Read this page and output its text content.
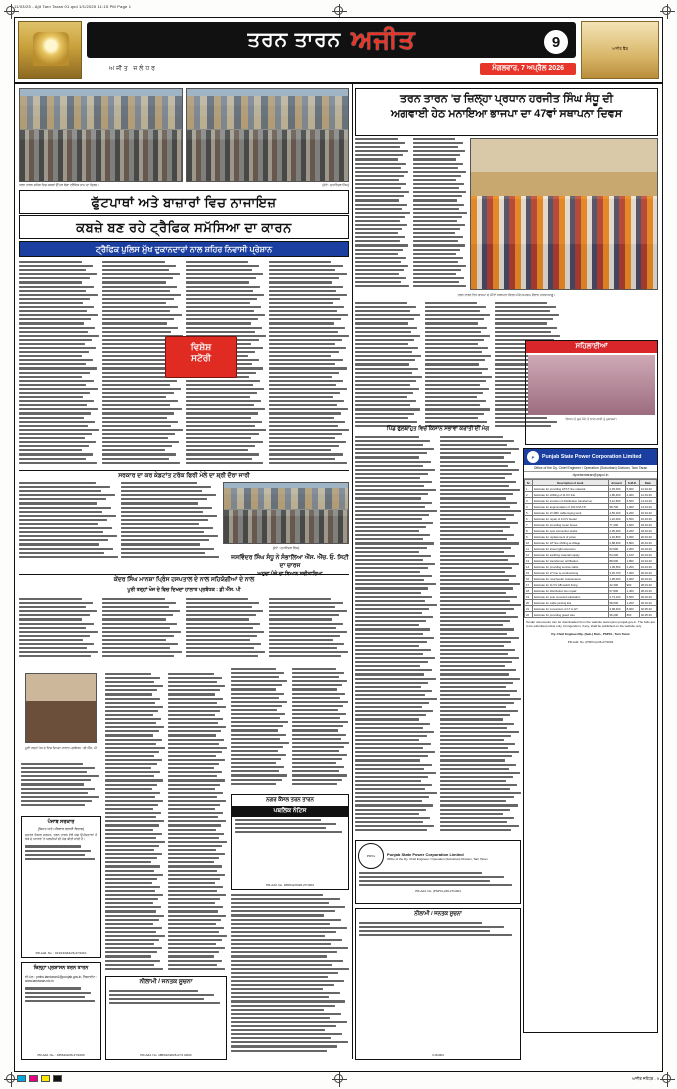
11/03/25 - Ajit Tarn Taran 01.qxd 1/1/2025 11:15 PM Page 1
ਅਜੀਤ ਵੈੱਬ
ਤਰਨ ਤਾਰਨ ਅਜੀਤ	9
ਅਜੀਤ ਜਲੰਧਰ	ਮੰਗਲਵਾਰ, 7 ਅਪ੍ਰੈਲ 2026
ਤਰਨ ਤਾਰਨ ਸ਼ਹਿਰ ਵਿਚ ਸੜਕਾਂ ਉੱਪਰ ਲੱਗਾ ਟ੍ਰੈਫਿਕ ਜਾਮ ਦਾ ਦ੍ਰਿਸ਼।	(ਫੋਟੋ : ਸੁਖਵਿੰਦਰ ਸਿੰਘ)
ਫੁੱਟਪਾਥਾਂ ਅਤੇ ਬਾਜ਼ਾਰਾਂ ਵਿਚ ਨਾਜਾਇਜ਼
ਕਬਜ਼ੇ ਬਣ ਰਹੇ ਟ੍ਰੈਫਿਕ ਸਮੱਸਿਆ ਦਾ ਕਾਰਨ
ਟ੍ਰੈਫਿਕ ਪੁਲਿਸ ਮੁੱਖ ਦੁਕਾਨਦਾਰਾਂ ਨਾਲ ਸ਼ਹਿਰ ਨਿਵਾਸੀ ਪ੍ਰੇਸ਼ਾਨ
ਵਿਸ਼ੇਸ਼
ਸਟੋਰੀ
ਸਰਕਾਰ ਦਾ ਕਰ ਕੇਡਟਾਂਤ ਟਰੱਕ ਫਿਰੀ ਮੇਲੇ ਦਾ ਸ਼੍ਰੀ ਦੌਰਾ ਜਾਰੀ
(ਫੋਟੋ : ਸੁਖਵਿੰਦਰ ਸਿੰਘ)
ਕੇਂਦਰ ਸਿੰਘ ਮਾਨਸ਼ਾ ਪ੍ਰਿੰਸ ਹਸਪਤਾਲ ਦੇ ਨਾਲ ਸਹਿਯੋਗੀਆਂ ਦੇ ਨਾਲ
ਪੂਰੀ ਤਰ੍ਹਾਂ ਖੋਜ ਦੇ ਵਿਚ ਦਿਖਦਾ ਹਾਲਾਤ ਪ੍ਰਬੰਧਕ : ਡੀ ਐੱਸ. ਪੀ
ਪੂਰੀ ਤਰ੍ਹਾਂ ਖੋਜ ਦੇ ਵਿਚ ਦਿਖਦਾ ਹਾਲਾਤ ਪ੍ਰਬੰਧਕ : ਡੀ ਐੱਸ. ਪੀ
ਪੰਜਾਬ ਸਰਕਾਰ
(ਸਿਹਤ ਅਤੇ ਪਰਿਵਾਰ ਭਲਾਈ ਵਿਭਾਗ)
ਦਫ਼ਤਰ ਸਿਵਲ ਸਰਜਨ, ਤਰਨ ਤਾਰਨ ਵੱਲੋਂ ਯੋਗ ਉਮੀਦਵਾਰਾਂ ਤੋਂ ਠੇਕੇ ਦੇ ਆਧਾਰ 'ਤੇ ਅਰਜ਼ੀਆਂ ਦੀ ਮੰਗ ਕੀਤੀ ਜਾਂਦੀ ਹੈ।
PR-Add. No. : 013/13/0&4/26-27/1010
ਜ਼ਿਲ੍ਹਾ ਪ੍ਰਸ਼ਾਸਨ ਤਰਨ ਤਾਰਨ
ਈ-ਮੇਲ : pmhs.tarntaran1@punjab.gov.in, ਵੈੱਬਸਾਈਟ : www.tarntaran.nic.in
PR-Add. No. : 0456102/26-27/1009
ਨੀਲਾਮੀ / ਜਨਤਕ ਸੂਚਨਾ
PR-Add. No. 188/012/2026-27/1 03/04
ਜਸਵਿੰਦਰ ਸਿੰਘ ਸੰਧੂ ਨੇ ਸੰਭਾਲਿਆ ਐੱਸ. ਐੱਚ. ਓ. ਸਿਟੀ ਦਾ ਚਾਰਜ
ਅਹੁਦਾ ਪੰਜੇ ਦਾ ਬਿਆਨ ਸਵੀਕਾਰਿਆ
ਨਗਰ ਕੌਂਸਲ ਤਰਨ ਤਾਰਨ
ਪਬਲਿਕ ਨੋਟਿਸ
PR-Add. No. 188/012/2026-27/1004
ਤਰਨ ਤਾਰਨ 'ਚ ਜ਼ਿਲ੍ਹਾ ਪ੍ਰਧਾਨ ਹਰਜੀਤ ਸਿੰਘ ਸੰਧੂ ਦੀ
ਅਗਵਾਈ ਹੇਠ ਮਨਾਇਆ ਭਾਜਪਾ ਦਾ 47ਵਾਂ ਸਥਾਪਨਾ ਦਿਵਸ
ਤਰਨ ਤਾਰਨ ਵਿਖੇ ਭਾਜਪਾ ਦੇ 47ਵਾਂ ਸਥਾਪਨਾ ਦਿਵਸ ਮੌਕੇ ਸਮਾਗਮ ਦੌਰਾਨ ਹਾਜ਼ਰ ਆਗੂ।
ਪਿੰਡ ਫੁਲਬਾਹੁਤ ਵਿਚ ਕਿਸਾਨ ਸਭਾਵਾਂ ਕਰਾਂਤੀ ਦੀ ਮੰਗ
ਸਹਿਲਾਈਆਂ
ਵਿਆਹ ਦੇ ਸ਼ੁਭ ਮੌਕੇ 'ਤੇ ਲਾੜਾ-ਲਾੜੀ ਨੂੰ ਮੁਬਾਰਕਾਂ।
PSPCL	Punjab State Power Corporation Limited
Office of the Dy. Chief Engineer / Operation (Suburban) Division, Tarn Taran
PR-Add. No. (PSPCL)/26-27/1004
ਨੀਲਾਮੀ / ਜਨਤਕ ਸੂਚਨਾ
C-81004
P	Punjab State Power Corporation Limited
Office of the Dy. Chief Engineer / Operation (Suburban) Division, Tarn Taran
dycetarntaran@pspcl.in
Sr.	Description of work	Amount	E.M.D.	Date
1	Estimate for providing HT/LT line material	2,45,000	5,000	12.04.26
2	Estimate for shifting of 11 KV line	1,86,400	4,000	12.04.26
3	Estimate for erection of distribution transformer	3,12,500	6,500	14.04.26
4	Estimate for augmentation of 100 KVA T/F	98,700	2,000	14.04.26
5	Estimate for LT ABC cable laying work	4,56,200	9,200	16.04.26
6	Estimate for repair of 11 KV feeder	1,22,000	2,500	16.04.26
7	Estimate for providing meter boxes	77,400	1,600	18.04.26
8	Estimate for new connection works	2,05,300	4,200	18.04.26
9	Estimate for replacement of poles	1,40,800	3,000	20.04.26
10	Estimate for HT line shifting at village	2,88,600	5,800	20.04.26
11	Estimate for street light extension	63,900	1,300	22.04.26
12	Estimate for earthing material supply	54,200	1,100	22.04.26
13	Estimate for transformer oil filtration	88,000	1,800	24.04.26
14	Estimate for providing service cable	1,09,500	2,200	24.04.26
15	Estimate for LT line re-conductoring	3,45,700	7,000	26.04.26
16	Estimate for rural feeder maintenance	1,95,000	4,000	26.04.26
17	Estimate for 11 KV AB switch fixing	42,300	900	28.04.26
18	Estimate for distribution box repair	67,800	1,400	28.04.26
19	Estimate for pole mounted substation	2,74,100	5,500	30.04.26
20	Estimate for cable jointing kits	58,600	1,200	30.04.26
21	Estimate for conversion of LT to HT	3,98,400	8,000	02.05.26
22	Estimate for providing guard wire	36,200	800	02.05.26
Tender documents can be downloaded from the website www.eproc.punjab.gov.in. The bids are to be submitted online only. Corrigendum, if any, shall be published on the website only.
Dy. Chief Engineer/Op. (Sub.) Divn., PSPCL, Tarn Taran
PR-Add. No. (PSPCL)/26-27/1004
ਅਜੀਤ ਜਲੰਧਰ - 9
